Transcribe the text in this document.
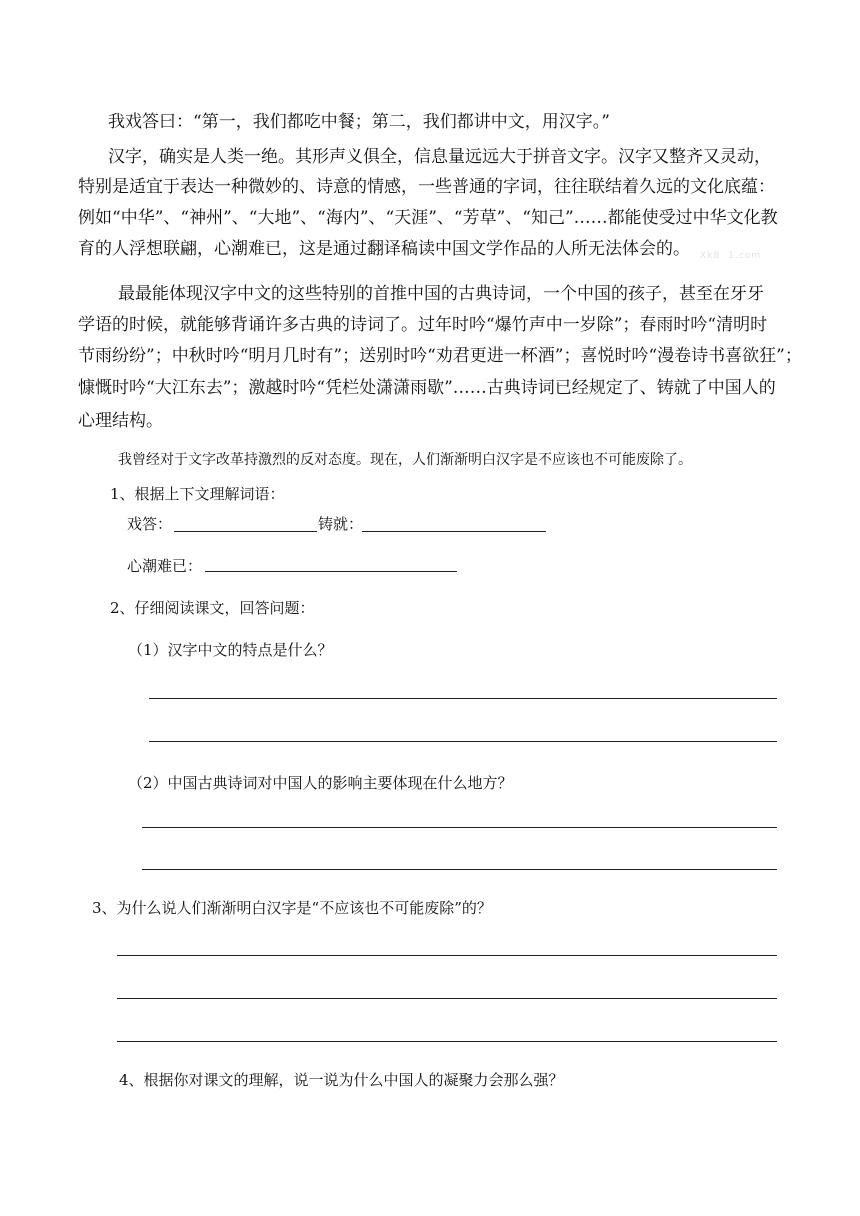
我戏答曰：“第一，我们都吃中餐；第二，我们都讲中文，用汉字。”

汉字，确实是人类一绝。其形声义俱全，信息量远远大于拼音文字。汉字又整齐又灵动，

特别是适宜于表达一种微妙的、诗意的情感，一些普通的字词，往往联结着久远的文化底蕴：

例如“中华”、“神州”、“大地”、“海内”、“天涯”、“芳草”、“知己”……都能使受过中华文化教

育的人浮想联翩，心潮难已，这是通过翻译稿读中国文学作品的人所无法体会的。	XkB  1.com

最最能体现汉字中文的这些特别的首推中国的古典诗词，一个中国的孩子，甚至在牙牙

学语的时候，就能够背诵许多古典的诗词了。过年时吟“爆竹声中一岁除”；春雨时吟“清明时

节雨纷纷”；中秋时吟“明月几时有”；送别时吟“劝君更进一杯酒”；喜悦时吟“漫卷诗书喜欲狂”；

慷慨时吟“大江东去”；激越时吟“凭栏处潇潇雨歇”……古典诗词已经规定了、铸就了中国人的

心理结构。

我曾经对于文字改革持激烈的反对态度。现在，人们渐渐明白汉字是不应该也不可能废除了。

1、根据上下文理解词语：

戏答：	铸就：
心潮难已：

2、仔细阅读课文，回答问题：

（1）汉字中文的特点是什么？

（2）中国古典诗词对中国人的影响主要体现在什么地方？

3、为什么说人们渐渐明白汉字是“不应该也不可能废除”的？

4、根据你对课文的理解，说一说为什么中国人的凝聚力会那么强？
